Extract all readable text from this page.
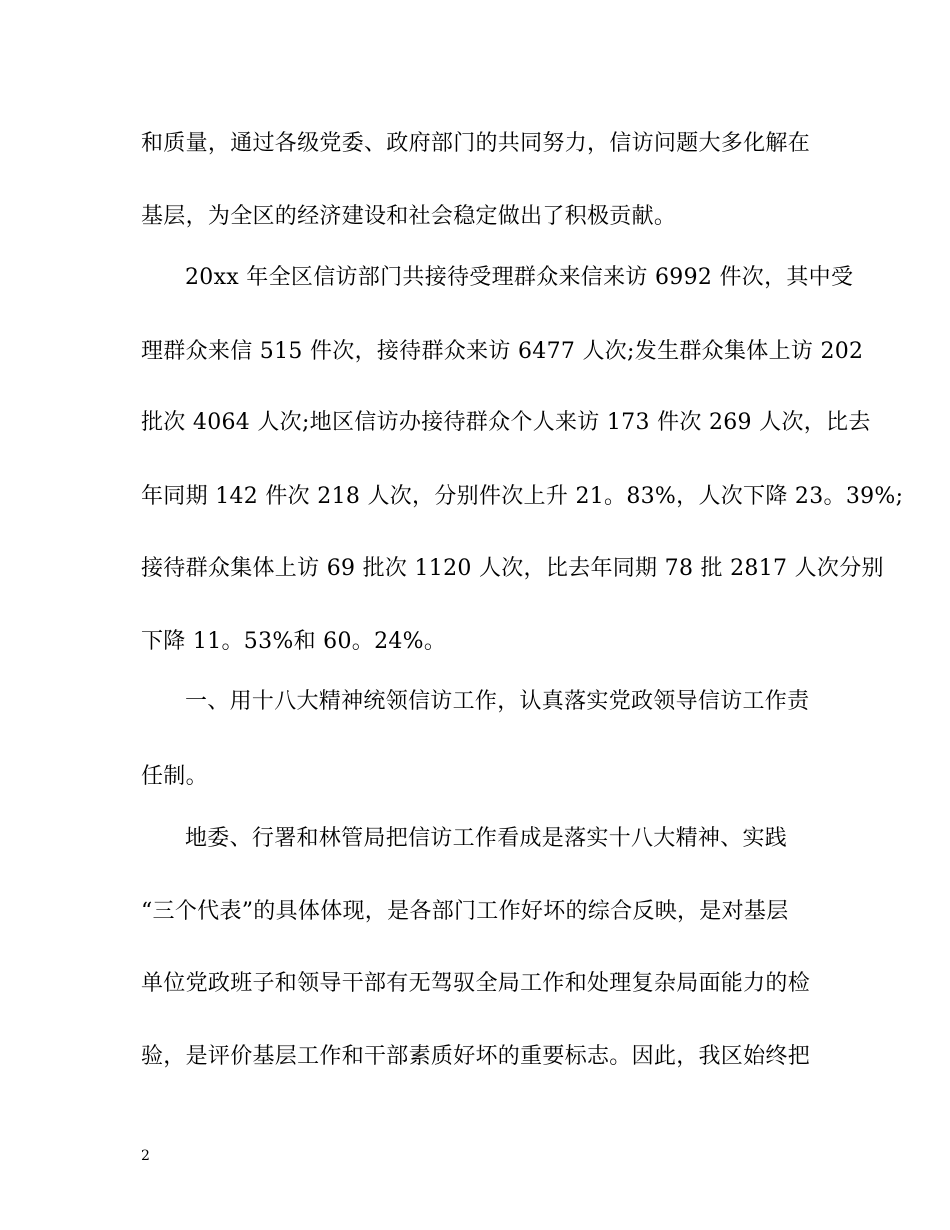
和质量，通过各级党委、政府部门的共同努力，信访问题大多化解在
基层，为全区的经济建设和社会稳定做出了积极贡献。
20xx 年全区信访部门共接待受理群众来信来访 6992 件次，其中受
理群众来信 515 件次，接待群众来访 6477 人次;发生群众集体上访 202
批次 4064 人次;地区信访办接待群众个人来访 173 件次 269 人次，比去
年同期 142 件次 218 人次，分别件次上升 21。83%，人次下降 23。39%;
接待群众集体上访 69 批次 1120 人次，比去年同期 78 批 2817 人次分别
下降 11。53%和 60。24%。
一、用十八大精神统领信访工作，认真落实党政领导信访工作责
任制。
地委、行署和林管局把信访工作看成是落实十八大精神、实践
“三个代表”的具体体现，是各部门工作好坏的综合反映，是对基层
单位党政班子和领导干部有无驾驭全局工作和处理复杂局面能力的检
验，是评价基层工作和干部素质好坏的重要标志。因此，我区始终把
2
